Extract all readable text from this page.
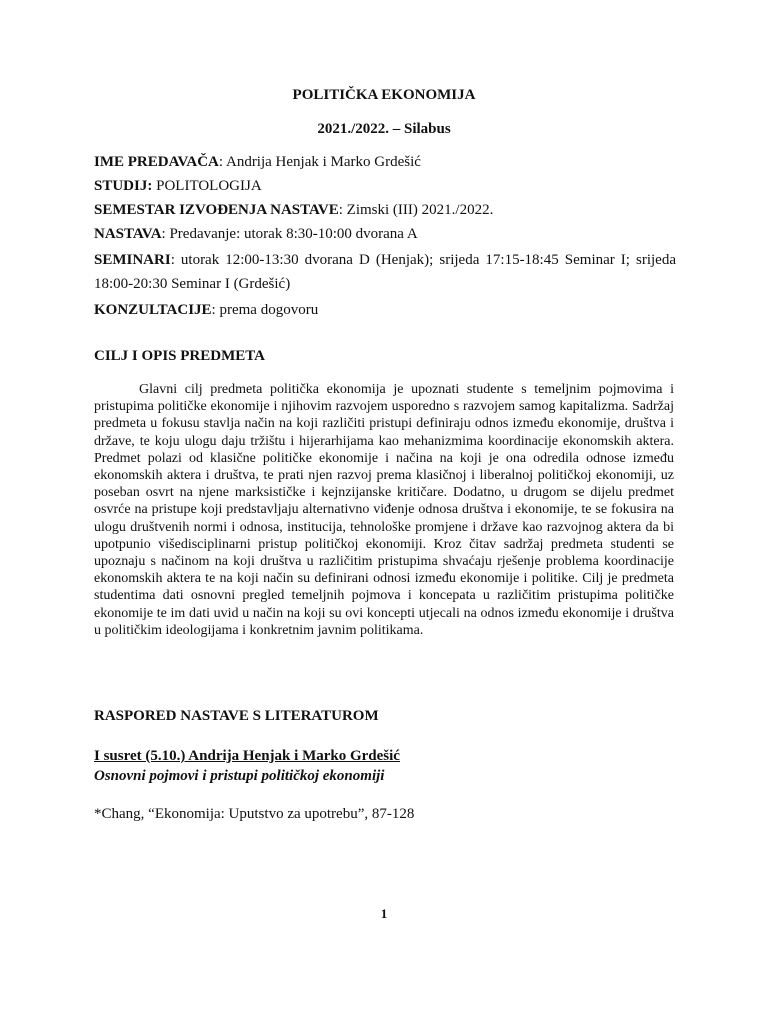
POLITIČKA EKONOMIJA
2021./2022. – Silabus
IME PREDAVAČA: Andrija Henjak i Marko Grdešić
STUDIJ: POLITOLOGIJA
SEMESTAR IZVOĐENJA NASTAVE: Zimski (III) 2021./2022.
NASTAVA: Predavanje: utorak 8:30-10:00 dvorana A
SEMINARI: utorak 12:00-13:30 dvorana D (Henjak); srijeda 17:15-18:45 Seminar I; srijeda 18:00-20:30 Seminar I (Grdešić)
KONZULTACIJE: prema dogovoru
CILJ I OPIS PREDMETA

Glavni cilj predmeta politička ekonomija je upoznati studente s temeljnim pojmovima i pristupima političke ekonomije i njihovim razvojem usporedno s razvojem samog kapitalizma. Sadržaj predmeta u fokusu stavlja način na koji različiti pristupi definiraju odnos između ekonomije, društva i države, te koju ulogu daju tržištu i hijerarhijama kao mehanizmima koordinacije ekonomskih aktera. Predmet polazi od klasične političke ekonomije i načina na koji je ona odredila odnose između ekonomskih aktera i društva, te prati njen razvoj prema klasičnoj i liberalnoj političkoj ekonomiji, uz poseban osvrt na njene marksističke i kejnzijanske kritičare. Dodatno, u drugom se dijelu predmet osvrće na pristupe koji predstavljaju alternativno viđenje odnosa društva i ekonomije, te se fokusira na ulogu društvenih normi i odnosa, institucija, tehnološke promjene i države kao razvojnog aktera da bi upotpunio višedisciplinarni pristup političkoj ekonomiji. Kroz čitav sadržaj predmeta studenti se upoznaju s načinom na koji društva u različitim pristupima shvaćaju rješenje problema koordinacije ekonomskih aktera te na koji način su definirani odnosi između ekonomije i politike. Cilj je predmeta studentima dati osnovni pregled temeljnih pojmova i koncepata u različitim pristupima političke ekonomije te im dati uvid u način na koji su ovi koncepti utjecali na odnos između ekonomije i društva u političkim ideologijama i konkretnim javnim politikama.

RASPORED NASTAVE S LITERATUROM
I susret (5.10.) Andrija Henjak i Marko Grdešić
Osnovni pojmovi i pristupi političkoj ekonomiji
*Chang, “Ekonomija: Uputstvo za upotrebu”, 87-128
1
